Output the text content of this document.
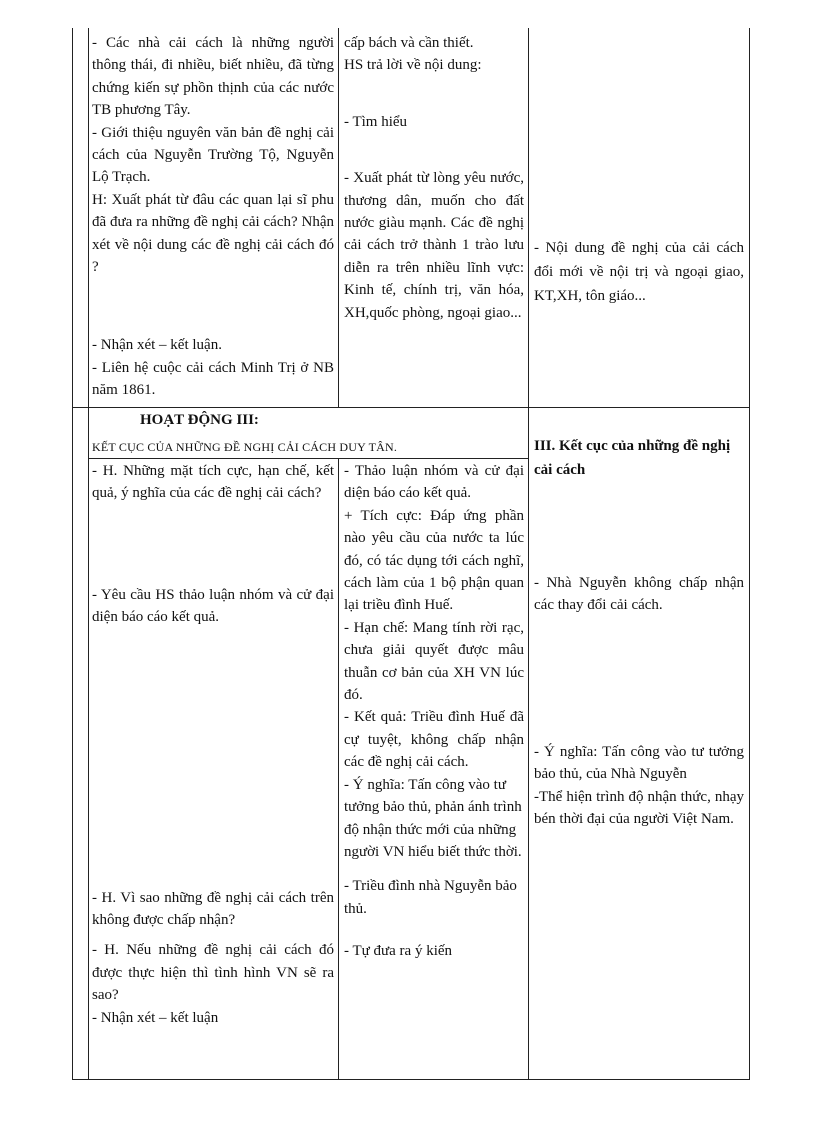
- Các nhà cải cách là những người thông thái, đi nhiều, biết nhiều, đã từng chứng kiến sự phồn thịnh của các nước TB phương Tây.

- Giới thiệu nguyên văn bản đề nghị cải cách của Nguyễn Trường Tộ, Nguyễn Lộ Trạch.

H: Xuất phát từ đâu các quan lại sĩ phu đã đưa ra những đề nghị cải cách? Nhận xét về nội dung các đề nghị cải cách đó ?

- Nhận xét – kết luận.

- Liên hệ cuộc cải cách Minh Trị ở NB năm 1861.

cấp bách và cần thiết.

HS trả lời về nội dung:

- Tìm hiểu

- Xuất phát từ lòng yêu nước, thương dân, muốn cho đất nước giàu mạnh. Các đề nghị cải cách trở thành 1 trào lưu diễn ra trên nhiều lĩnh vực: Kinh tế, chính trị, văn hóa, XH,quốc phòng, ngoại giao...

- Nội dung đề nghị của cải cách đổi mới về nội trị và ngoại giao, KT,XH, tôn giáo...

HOẠT ĐỘNG III:
KẾT CỤC CỦA NHỮNG ĐỀ NGHỊ CẢI CÁCH DUY TÂN.	III. Kết cục của những đề nghị cải cách

- H. Những mặt tích cực, hạn chế, kết quả, ý nghĩa của các đề nghị cải cách?

- Yêu cầu HS thảo luận nhóm và cử đại diện báo cáo kết quả.

- H. Vì sao những đề nghị cải cách trên không được chấp nhận?

- H. Nếu những đề nghị cải cách đó được thực hiện thì tình hình VN sẽ ra sao?

- Nhận xét – kết luận

- Thảo luận nhóm và cử đại diện báo cáo kết quả.

+ Tích cực: Đáp ứng phần nào yêu cầu của nước ta lúc đó, có tác dụng tới cách nghĩ, cách làm của 1 bộ phận quan lại triều đình Huế.

- Hạn chế: Mang tính rời rạc, chưa giải quyết được mâu thuẫn cơ bản của XH VN lúc đó.

- Kết quả: Triều đình Huế đã cự tuyệt, không chấp nhận các đề nghị cải cách.

- Ý nghĩa: Tấn công vào tư tưởng bảo thủ, phản ánh trình độ nhận thức mới của những người VN hiểu biết thức thời.

- Triều đình nhà Nguyễn bảo thủ.

- Tự đưa ra ý kiến

- Nhà Nguyễn không chấp nhận các thay đổi cải cách.

- Ý nghĩa: Tấn công vào tư tưởng bảo thủ, của Nhà Nguyễn

-Thể hiện trình độ nhận thức, nhạy bén thời đại của người Việt Nam.
